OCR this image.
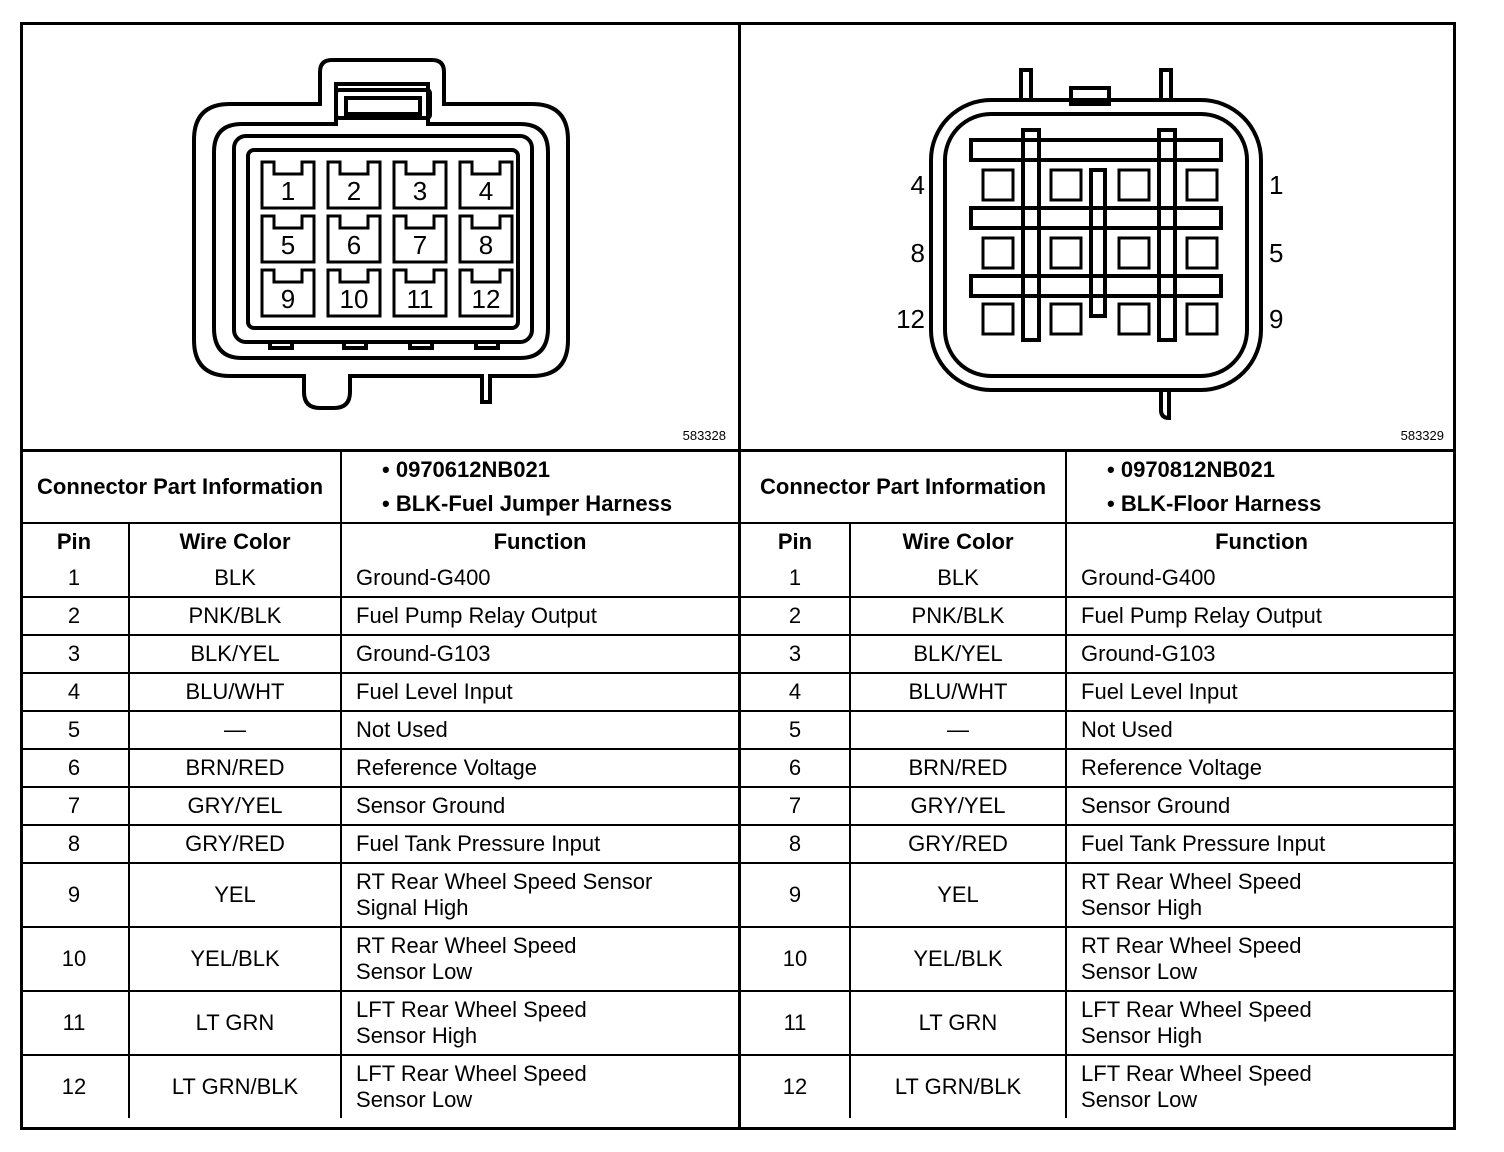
1 2 3 4
5 6 7 8
9 10 11 12
583328
Connector Part Information		• 0970612NB021
• BLK-Fuel Jumper Harness

Pin	Wire Color	Function
1	BLK	Ground-G400

2	PNK/BLK	Fuel Pump Relay Output

3	BLK/YEL	Ground-G103

4	BLU/WHT	Fuel Level Input

5	—	Not Used

6	BRN/RED	Reference Voltage

7	GRY/YEL	Sensor Ground

8	GRY/RED	Fuel Tank Pressure Input

9	YEL	RT Rear Wheel Speed Sensor
Signal High

10	YEL/BLK	RT Rear Wheel Speed
Sensor Low

11	LT GRN	LFT Rear Wheel Speed
Sensor High

12	LT GRN/BLK	LFT Rear Wheel Speed
Sensor Low
4
8
12
1
5
9
583329
Connector Part Information		• 0970812NB021
• BLK-Floor Harness

Pin	Wire Color	Function
1	BLK	Ground-G400

2	PNK/BLK	Fuel Pump Relay Output

3	BLK/YEL	Ground-G103

4	BLU/WHT	Fuel Level Input

5	—	Not Used

6	BRN/RED	Reference Voltage

7	GRY/YEL	Sensor Ground

8	GRY/RED	Fuel Tank Pressure Input

9	YEL	RT Rear Wheel Speed
Sensor High

10	YEL/BLK	RT Rear Wheel Speed
Sensor Low

11	LT GRN	LFT Rear Wheel Speed
Sensor High

12	LT GRN/BLK	LFT Rear Wheel Speed
Sensor Low
